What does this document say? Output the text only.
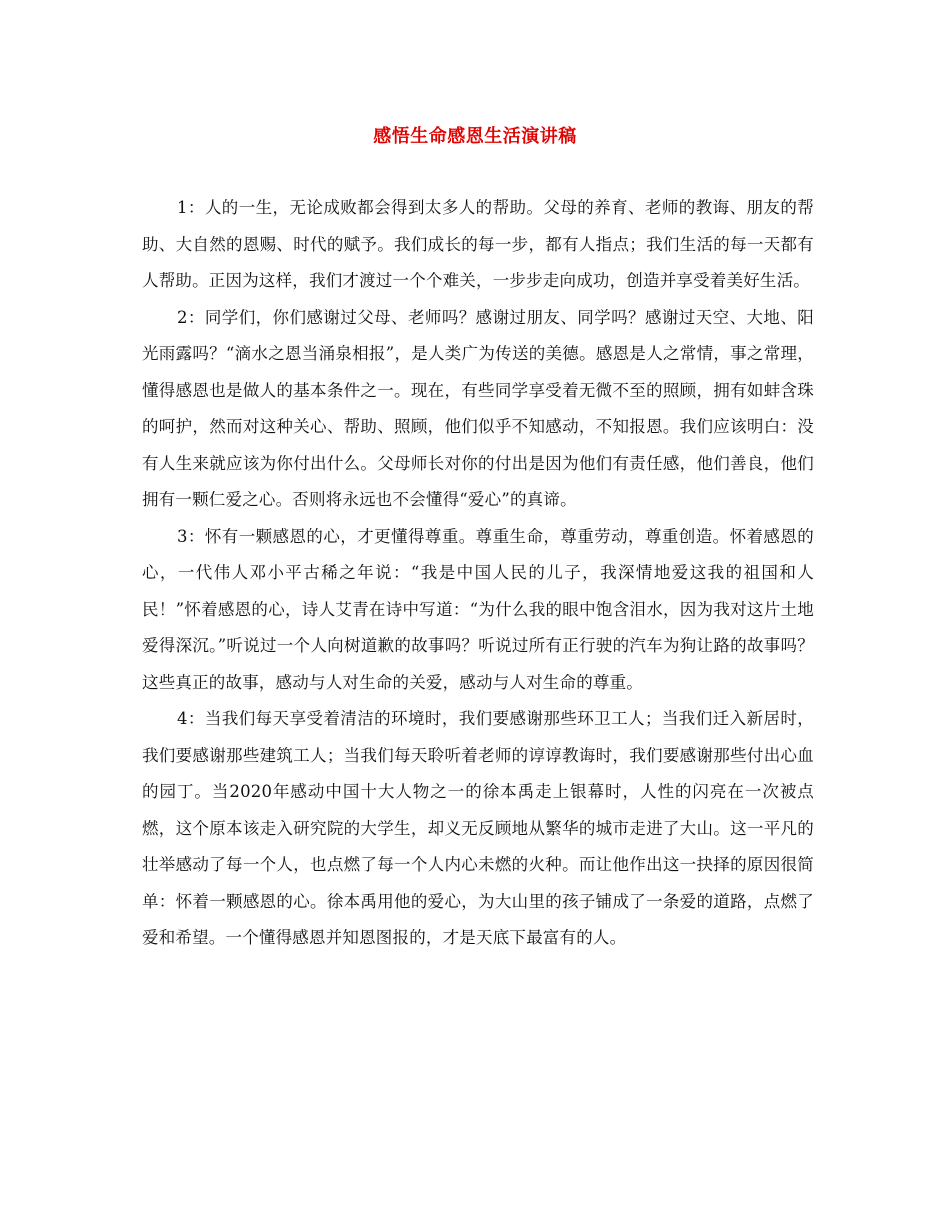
感悟生命感恩生活演讲稿

1：人的一生，无论成败都会得到太多人的帮助。父母的养育、老师的教诲、朋友的帮助、大自然的恩赐、时代的赋予。我们成长的每一步，都有人指点；我们生活的每一天都有人帮助。正因为这样，我们才渡过一个个难关，一步步走向成功，创造并享受着美好生活。

2：同学们，你们感谢过父母、老师吗？感谢过朋友、同学吗？感谢过天空、大地、阳光雨露吗？“滴水之恩当涌泉相报”，是人类广为传送的美德。感恩是人之常情，事之常理，懂得感恩也是做人的基本条件之一。现在，有些同学享受着无微不至的照顾，拥有如蚌含珠的呵护，然而对这种关心、帮助、照顾，他们似乎不知感动，不知报恩。我们应该明白：没有人生来就应该为你付出什么。父母师长对你的付出是因为他们有责任感，他们善良，他们拥有一颗仁爱之心。否则将永远也不会懂得“爱心”的真谛。

3：怀有一颗感恩的心，才更懂得尊重。尊重生命，尊重劳动，尊重创造。怀着感恩的心，一代伟人邓小平古稀之年说：“我是中国人民的儿子，我深情地爱这我的祖国和人民！”怀着感恩的心，诗人艾青在诗中写道：“为什么我的眼中饱含泪水，因为我对这片土地爱得深沉。”听说过一个人向树道歉的故事吗？听说过所有正行驶的汽车为狗让路的故事吗？这些真正的故事，感动与人对生命的关爱，感动与人对生命的尊重。

4：当我们每天享受着清洁的环境时，我们要感谢那些环卫工人；当我们迁入新居时，我们要感谢那些建筑工人；当我们每天聆听着老师的谆谆教诲时，我们要感谢那些付出心血的园丁。当2020年感动中国十大人物之一的徐本禹走上银幕时，人性的闪亮在一次被点燃，这个原本该走入研究院的大学生，却义无反顾地从繁华的城市走进了大山。这一平凡的壮举感动了每一个人，也点燃了每一个人内心未燃的火种。而让他作出这一抉择的原因很简单：怀着一颗感恩的心。徐本禹用他的爱心，为大山里的孩子铺成了一条爱的道路，点燃了爱和希望。一个懂得感恩并知恩图报的，才是天底下最富有的人。
